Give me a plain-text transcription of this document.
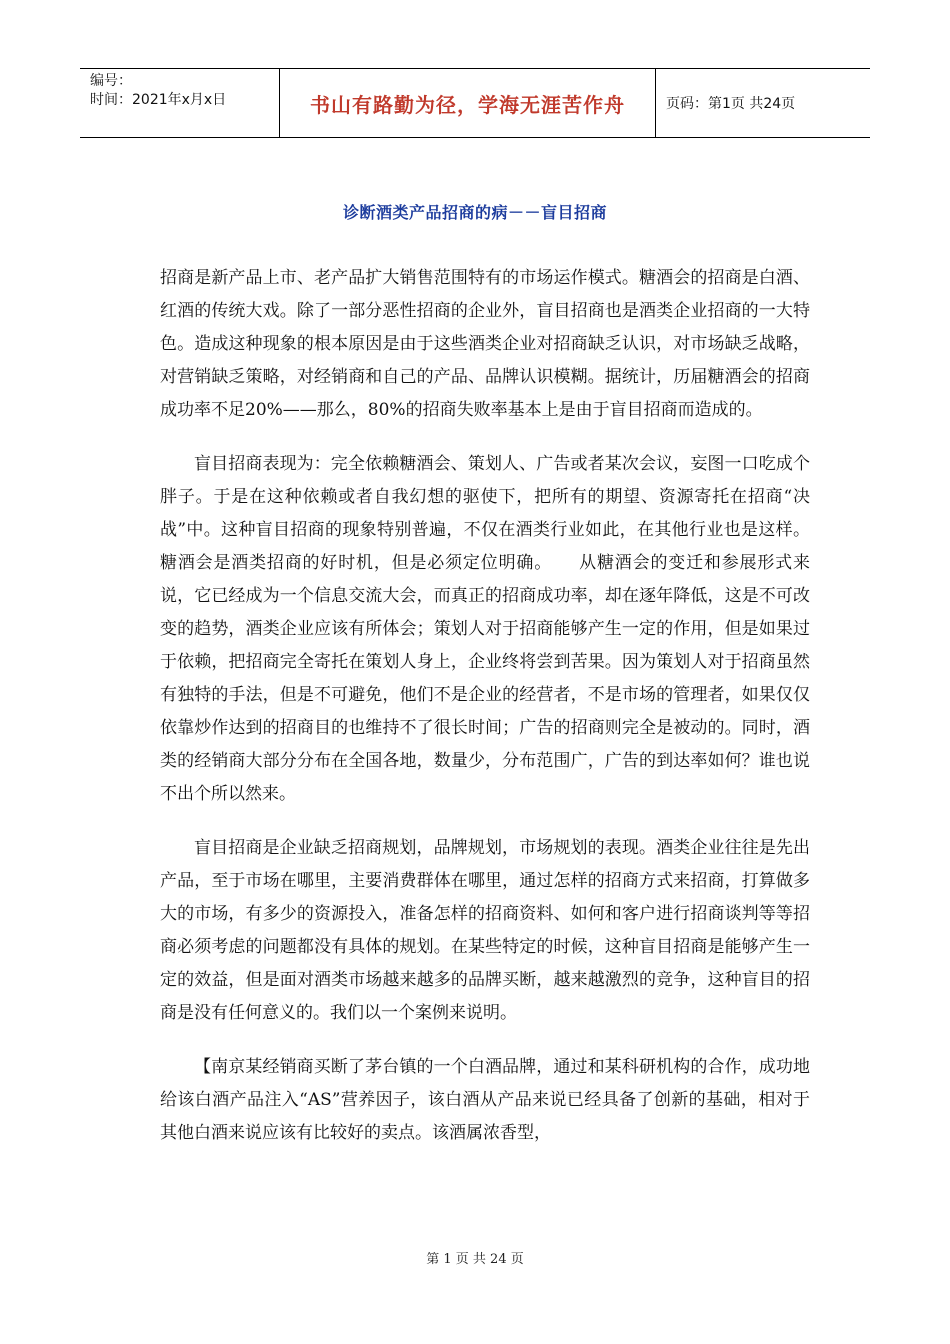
编号：
时间：2021年x月x日	书山有路勤为径，学海无涯苦作舟	页码：第1页 共24页
诊断酒类产品招商的病－－盲目招商

招商是新产品上市、老产品扩大销售范围特有的市场运作模式。糖酒会的招商是白酒、红酒的传统大戏。除了一部分恶性招商的企业外，盲目招商也是酒类企业招商的一大特色。造成这种现象的根本原因是由于这些酒类企业对招商缺乏认识，对市场缺乏战略，对营销缺乏策略，对经销商和自己的产品、品牌认识模糊。据统计，历届糖酒会的招商成功率不足20%——那么，80%的招商失败率基本上是由于盲目招商而造成的。

盲目招商表现为：完全依赖糖酒会、策划人、广告或者某次会议，妄图一口吃成个胖子。于是在这种依赖或者自我幻想的驱使下，把所有的期望、资源寄托在招商“决战”中。这种盲目招商的现象特别普遍，不仅在酒类行业如此，在其他行业也是这样。糖酒会是酒类招商的好时机，但是必须定位明确。　　从糖酒会的变迁和参展形式来说，它已经成为一个信息交流大会，而真正的招商成功率，却在逐年降低，这是不可改变的趋势，酒类企业应该有所体会；策划人对于招商能够产生一定的作用，但是如果过于依赖，把招商完全寄托在策划人身上，企业终将尝到苦果。因为策划人对于招商虽然有独特的手法，但是不可避免，他们不是企业的经营者，不是市场的管理者，如果仅仅依靠炒作达到的招商目的也维持不了很长时间；广告的招商则完全是被动的。同时，酒类的经销商大部分分布在全国各地，数量少，分布范围广，广告的到达率如何？谁也说不出个所以然来。

盲目招商是企业缺乏招商规划，品牌规划，市场规划的表现。酒类企业往往是先出产品，至于市场在哪里，主要消费群体在哪里，通过怎样的招商方式来招商，打算做多大的市场，有多少的资源投入，准备怎样的招商资料、如何和客户进行招商谈判等等招商必须考虑的问题都没有具体的规划。在某些特定的时候，这种盲目招商是能够产生一定的效益，但是面对酒类市场越来越多的品牌买断，越来越激烈的竞争，这种盲目的招商是没有任何意义的。我们以一个案例来说明。

【南京某经销商买断了茅台镇的一个白酒品牌，通过和某科研机构的合作，成功地给该白酒产品注入“AS”营养因子，该白酒从产品来说已经具备了创新的基础，相对于其他白酒来说应该有比较好的卖点。该酒属浓香型，

第 1 页 共 24 页
